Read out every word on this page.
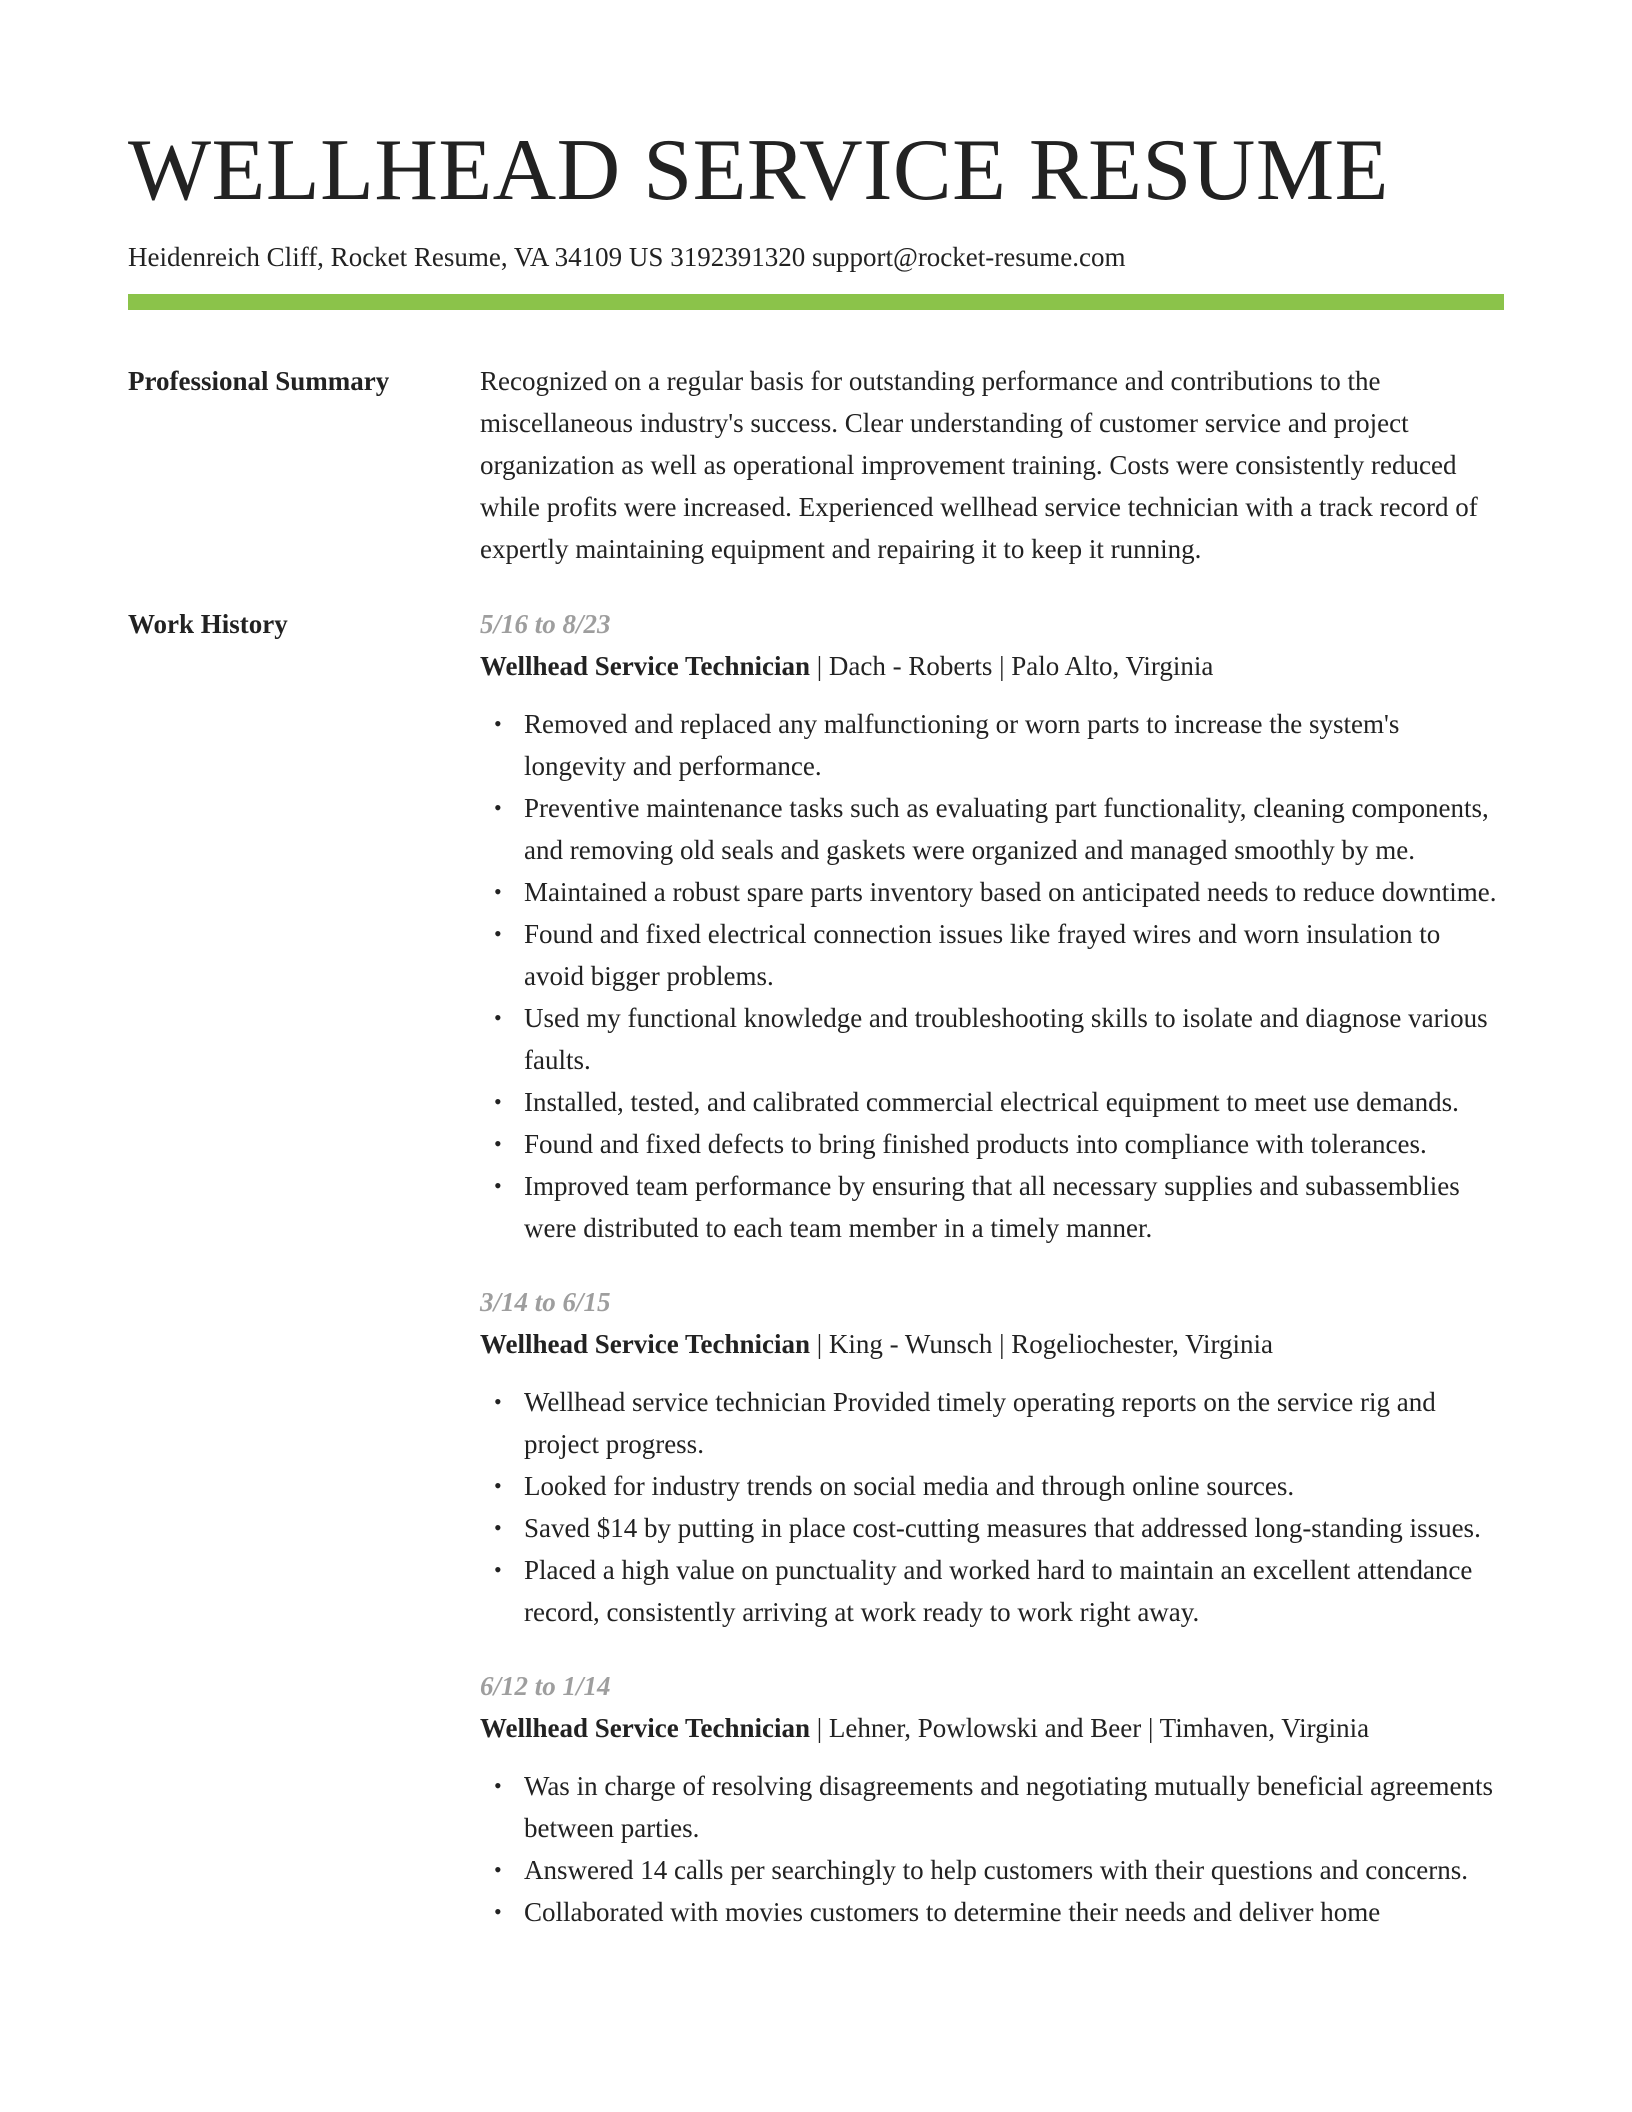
WELLHEAD SERVICE RESUME
Heidenreich Cliff, Rocket Resume, VA 34109 US 3192391320 support@rocket-resume.com
Professional Summary	Recognized on a regular basis for outstanding performance and contributions to the miscellaneous industry's success. Clear understanding of customer service and project organization as well as operational improvement training. Costs were consistently reduced while profits were increased. Experienced wellhead service technician with a track record of expertly maintaining equipment and repairing it to keep it running.

Work History	5/16 to 8/23

Wellhead Service Technician | Dach - Roberts | Palo Alto, Virginia

• Removed and replaced any malfunctioning or worn parts to increase the system's longevity and performance.
• Preventive maintenance tasks such as evaluating part functionality, cleaning components, and removing old seals and gaskets were organized and managed smoothly by me.
• Maintained a robust spare parts inventory based on anticipated needs to reduce downtime.
• Found and fixed electrical connection issues like frayed wires and worn insulation to avoid bigger problems.
• Used my functional knowledge and troubleshooting skills to isolate and diagnose various faults.
• Installed, tested, and calibrated commercial electrical equipment to meet use demands.
• Found and fixed defects to bring finished products into compliance with tolerances.
• Improved team performance by ensuring that all necessary supplies and subassemblies were distributed to each team member in a timely manner.
3/14 to 6/15

Wellhead Service Technician | King - Wunsch | Rogeliochester, Virginia

• Wellhead service technician Provided timely operating reports on the service rig and project progress.
• Looked for industry trends on social media and through online sources.
• Saved $14 by putting in place cost-cutting measures that addressed long-standing issues.
• Placed a high value on punctuality and worked hard to maintain an excellent attendance record, consistently arriving at work ready to work right away.
6/12 to 1/14

Wellhead Service Technician | Lehner, Powlowski and Beer | Timhaven, Virginia

• Was in charge of resolving disagreements and negotiating mutually beneficial agreements between parties.
• Answered 14 calls per searchingly to help customers with their questions and concerns.
• Collaborated with movies customers to determine their needs and deliver home
